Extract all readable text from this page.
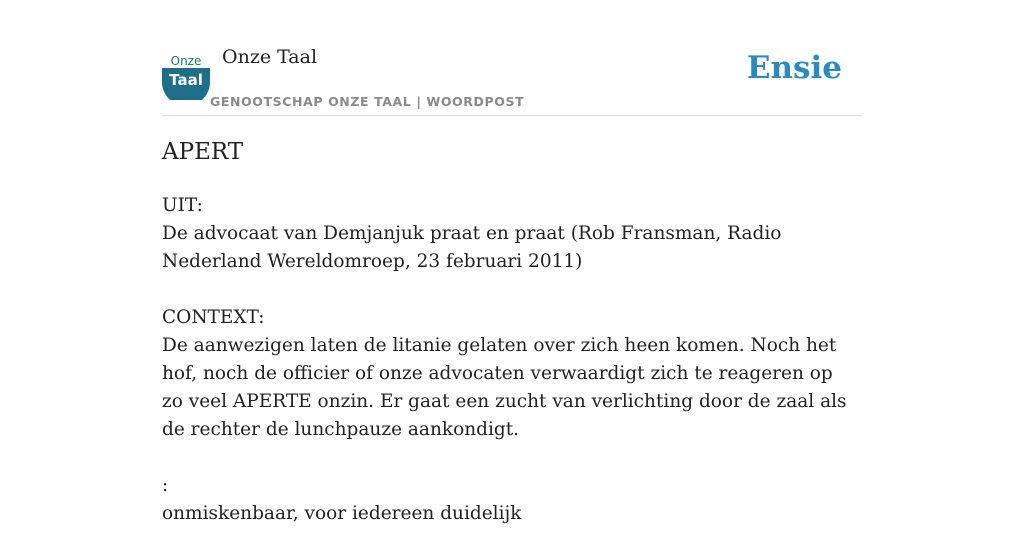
Onze
Taal
Onze Taal
GENOOTSCHAP ONZE TAAL | WOORDPOST
Ensie
APERT

UIT:

De advocaat van Demjanjuk praat en praat (Rob Fransman, Radio Nederland Wereldomroep, 23 februari 2011)

CONTEXT:

De aanwezigen laten de litanie gelaten over zich heen komen. Noch het hof, noch de officier of onze advocaten verwaardigt zich te reageren op zo veel APERTE onzin. Er gaat een zucht van verlichting door de zaal als de rechter de lunchpauze aankondigt.

:

onmiskenbaar, voor iedereen duidelijk
